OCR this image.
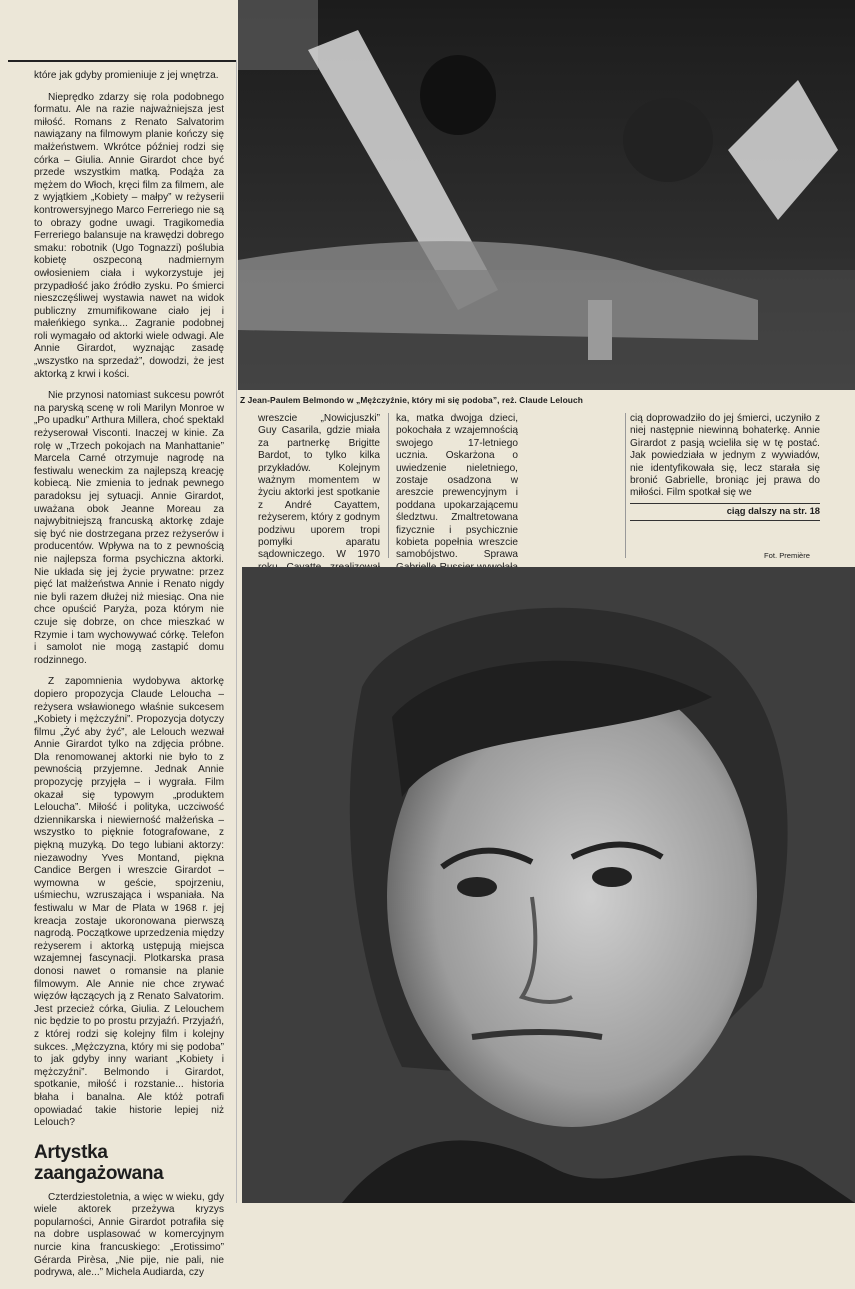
które jak gdyby promieniuje z jej wnętrza.

Nieprędko zdarzy się rola podobnego formatu. Ale na razie najważniejsza jest miłość. Romans z Renato Salvatorim nawiązany na filmowym planie kończy się małżeństwem. Wkrótce później rodzi się córka – Giulia. Annie Girardot chce być przede wszystkim matką. Podąża za mężem do Włoch, kręci film za filmem, ale z wyjątkiem „Kobiety – małpy” w reżyserii kontrowersyjnego Marco Ferreriego nie są to obrazy godne uwagi. Tragikomedia Ferreriego balansuje na krawędzi dobrego smaku: robotnik (Ugo Tognazzi) poślubia kobietę oszpeconą nadmiernym owłosieniem ciała i wykorzystuje jej przypadłość jako źródło zysku. Po śmierci nieszczęśliwej wystawia nawet na widok publiczny zmumifikowane ciało jej i małeńkiego synka... Zagranie podobnej roli wymagało od aktorki wiele odwagi. Ale Annie Girardot, wyznając zasadę „wszystko na sprzedaż”, dowodzi, że jest aktorką z krwi i kości.

Nie przynosi natomiast sukcesu powrót na paryską scenę w roli Marilyn Monroe w „Po upadku” Arthura Millera, choć spektakl reżyserował Visconti. Inaczej w kinie. Za rolę w „Trzech pokojach na Manhattanie” Marcela Carné otrzymuje nagrodę na festiwalu weneckim za najlepszą kreację kobiecą. Nie zmienia to jednak pewnego paradoksu jej sytuacji. Annie Girardot, uważana obok Jeanne Moreau za najwybitniejszą francuską aktorkę zdaje się być nie dostrzegana przez reżyserów i producentów. Wpływa na to z pewnością nie najlepsza forma psychiczna aktorki. Nie układa się jej życie prywatne: przez pięć lat małżeństwa Annie i Renato nigdy nie byli razem dłużej niż miesiąc. Ona nie chce opuścić Paryża, poza którym nie czuje się dobrze, on chce mieszkać w Rzymie i tam wychowywać córkę. Telefon i samolot nie mogą zastąpić domu rodzinnego.

Z zapomnienia wydobywa aktorkę dopiero propozycja Claude Lelouchа – reżysera wsławionego właśnie sukcesem „Kobiety i mężczyźni”. Propozycja dotyczy filmu „Żyć aby żyć”, ale Lelouch wezwał Annie Girardot tylko na zdjęcia próbne. Dla renomowanej aktorki nie było to z pewnością przyjemne. Jednak Annie propozycję przyjęła – i wygrała. Film okazał się typowym „produktem Leloucha”. Miłość i polityka, uczciwość dziennikarska i niewierność małżeńska – wszystko to pięknie fotografowane, z piękną muzyką. Do tego lubiani aktorzy: niezawodny Yves Montand, piękna Candice Bergen i wreszcie Girardot – wymowna w geście, spojrzeniu, uśmiechu, wzruszająca i wspaniała. Na festiwalu w Mar de Plata w 1968 r. jej kreacja zostaje ukoronowana pierwszą nagrodą. Początkowe uprzedzenia między reżyserem i aktorką ustępują miejsca wzajemnej fascynacji. Plotkarska prasa donosi nawet o romansie na planie filmowym. Ale Annie nie chce zrywać więzów łączących ją z Renato Salvatorim. Jest przecież córka, Giulia. Z Lelouchem nic będzie to po prostu przyjaźń. Przyjaźń, z której rodzi się kolejny film i kolejny sukces. „Mężczyzna, który mi się podoba” to jak gdyby inny wariant „Kobiety i mężczyźni”. Belmondo i Girardot, spotkanie, miłość i rozstanie... historia błaha i banalna. Ale któż potrafi opowiadać takie historie lepiej niż Lelouch?

Artystka zaangażowana

Czterdziestoletnia, a więc w wieku, gdy wiele aktorek przeżywa kryzys popularności, Annie Girardot potrafiła się na dobre usplasować w komercyjnym nurcie kina francuskiego: „Erotissimo” Gérarda Pirèsa, „Nie pije, nie pali, nie podrywa, ale...” Michela Audiarda, czy

Z Jean-Paulem Belmondo w „Mężczyźnie, który mi się podoba”, reż. Claude Lelouch

wreszcie „Nowicjuszki” Guy Casarila, gdzie miała za partnerkę Brigitte Bardot, to tylko kilka przykładów. Kolejnym ważnym momentem w życiu aktorki jest spotkanie z André Cayattem, reżyserem, który z godnym podziwu uporem tropi pomyłki aparatu sądowniczego. W 1970

ka, matka dwojga dzieci, pokochała z wzajemnością swojego 17-letniego ucznia. Oskarżona o uwiedzenie nieletniego, zostaje osadzona w areszcie prewencyjnym i poddana upokarzającemu śledztwu. Zmaltretowana fizycznie i psychicznie kobieta popełnia wreszcie samobójstwo. Sprawa

cią doprowadziło do jej śmierci, uczyniło z niej następnie niewinną bohaterkę. Annie Girardot z pasją wcieliła się w tę postać. Jak powiedziała w jednym z wywiadów, nie identyfikowała się, lecz starała się bronić Gabrielle, broniąc jej prawa do miłości. Film spotkał się we

ciąg dalszy na str. 18
Fot. Première
